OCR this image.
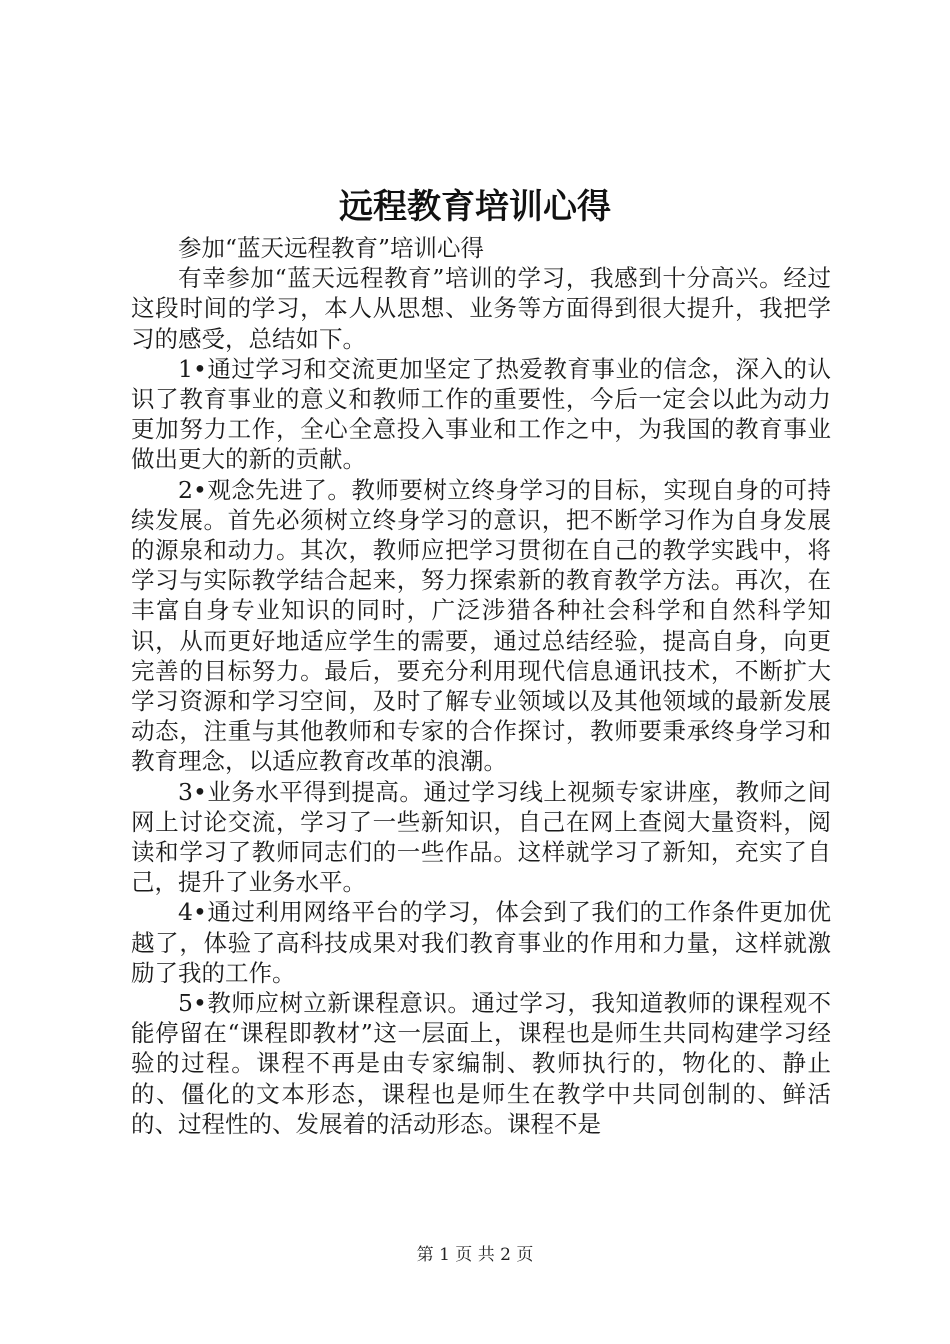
远程教育培训心得

参加“蓝天远程教育”培训心得

有幸参加“蓝天远程教育”培训的学习，我感到十分高兴。经过这段时间的学习，本人从思想、业务等方面得到很大提升，我把学习的感受，总结如下。

1•通过学习和交流更加坚定了热爱教育事业的信念，深入的认识了教育事业的意义和教师工作的重要性，今后一定会以此为动力更加努力工作，全心全意投入事业和工作之中，为我国的教育事业做出更大的新的贡献。

2•观念先进了。教师要树立终身学习的目标，实现自身的可持续发展。首先必须树立终身学习的意识，把不断学习作为自身发展的源泉和动力。其次，教师应把学习贯彻在自己的教学实践中，将学习与实际教学结合起来，努力探索新的教育教学方法。再次，在丰富自身专业知识的同时，广泛涉猎各种社会科学和自然科学知识，从而更好地适应学生的需要，通过总结经验，提高自身，向更完善的目标努力。最后，要充分利用现代信息通讯技术，不断扩大学习资源和学习空间，及时了解专业领域以及其他领域的最新发展动态，注重与其他教师和专家的合作探讨，教师要秉承终身学习和教育理念，以适应教育改革的浪潮。

3•业务水平得到提高。通过学习线上视频专家讲座，教师之间网上讨论交流，学习了一些新知识，自己在网上查阅大量资料，阅读和学习了教师同志们的一些作品。这样就学习了新知，充实了自己，提升了业务水平。

4•通过利用网络平台的学习，体会到了我们的工作条件更加优越了，体验了高科技成果对我们教育事业的作用和力量，这样就激励了我的工作。

5•教师应树立新课程意识。通过学习，我知道教师的课程观不能停留在“课程即教材”这一层面上，课程也是师生共同构建学习经验的过程。课程不再是由专家编制、教师执行的，物化的、静止的、僵化的文本形态，课程也是师生在教学中共同创制的、鲜活的、过程性的、发展着的活动形态。课程不是

第 1 页 共 2 页
